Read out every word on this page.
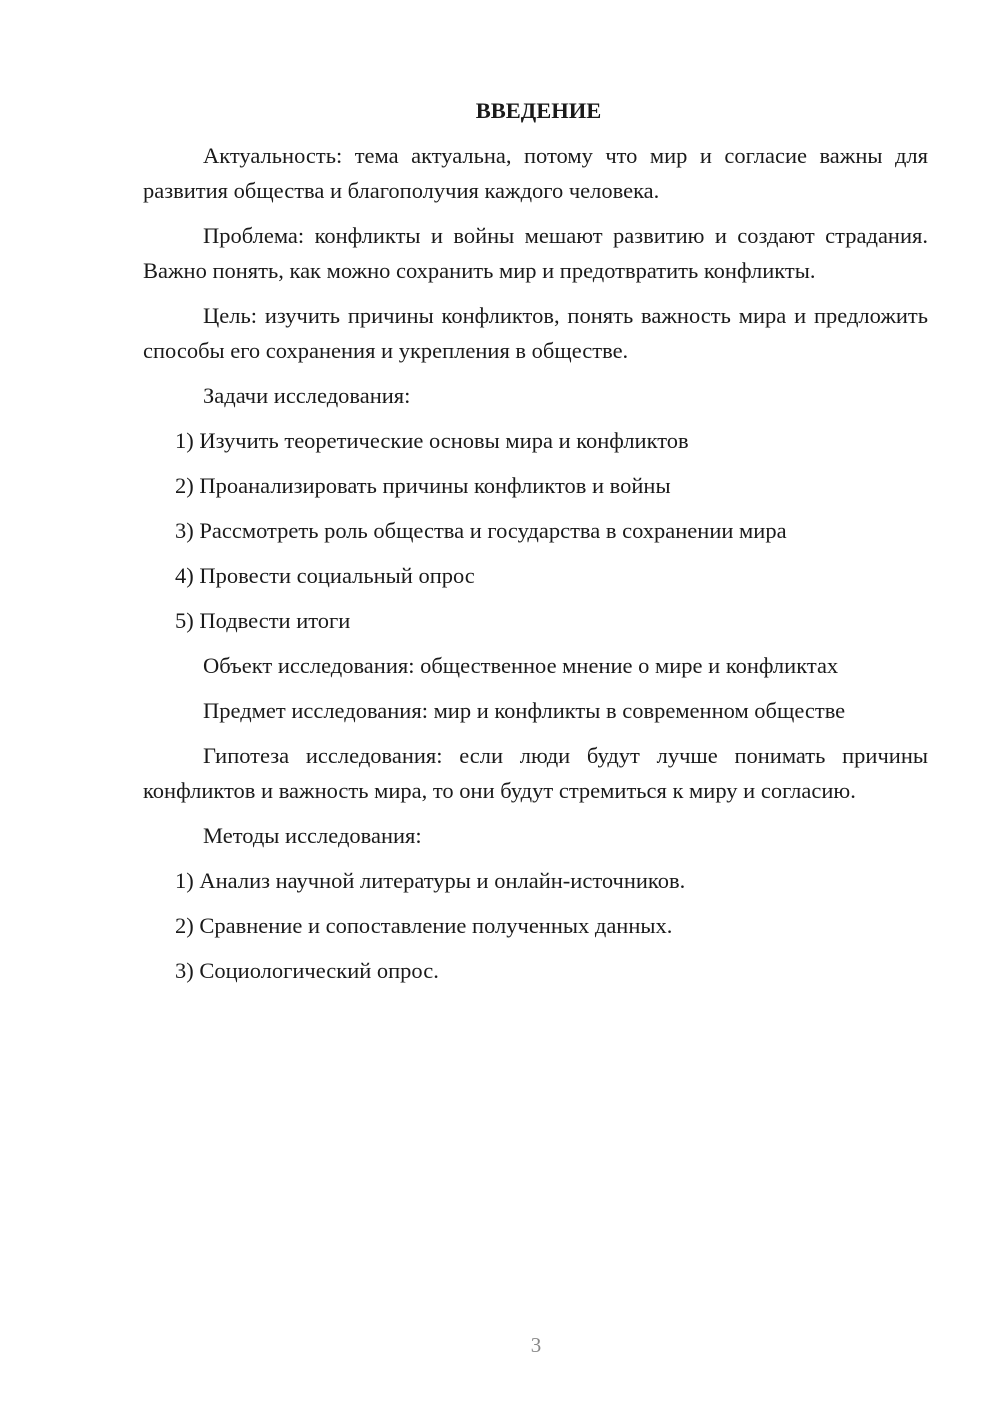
ВВЕДЕНИЕ
Актуальность: тема актуальна, потому что мир и согласие важны для развития общества и благополучия каждого человека.
Проблема: конфликты и войны мешают развитию и создают страдания. Важно понять, как можно сохранить мир и предотвратить конфликты.
Цель: изучить причины конфликтов, понять важность мира и предложить способы его сохранения и укрепления в обществе.
Задачи исследования:
1) Изучить теоретические основы мира и конфликтов
2) Проанализировать причины конфликтов и войны
3) Рассмотреть роль общества и государства в сохранении мира
4) Провести социальный опрос
5) Подвести итоги
Объект исследования: общественное мнение о мире и конфликтах
Предмет исследования: мир и конфликты в современном обществе
Гипотеза исследования: если люди будут лучше понимать причины конфликтов и важность мира, то они будут стремиться к миру и согласию.
Методы исследования:
1) Анализ научной литературы и онлайн-источников.
2) Сравнение и сопоставление полученных данных.
3) Социологический опрос.
3
